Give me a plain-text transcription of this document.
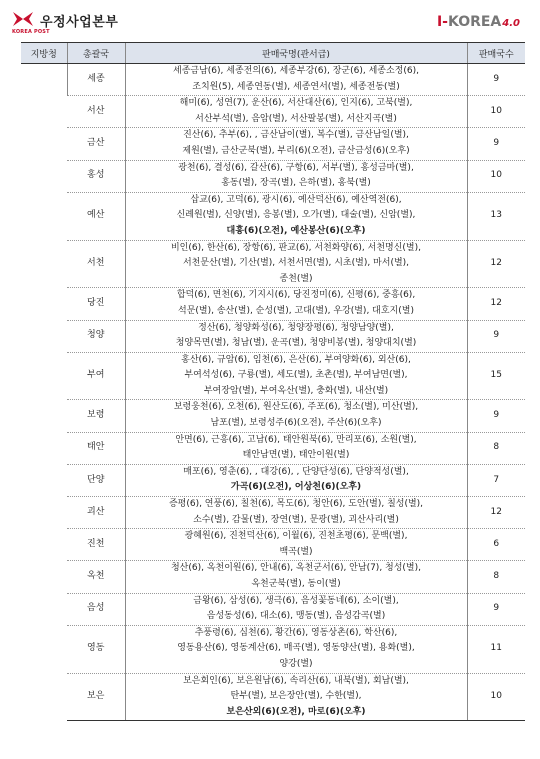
우정사업본부
KOREA POST
I-KOREA4.0
지방청	총괄국	판매국명(관서급)	판매국수
	세종	세종금남(6), 세종전의(6), 세종부강(6), 장군(6), 세종소정(6),
조치원(5), 세종연동(별), 세종연서(별), 세종전동(별)	9
	서산	해미(6), 성연(7), 운산(6), 서산대산(6), 인지(6), 고북(별),
서산부석(별), 음암(별), 서산팔봉(별), 서산지곡(별)	10
	금산	진산(6), 추부(6), , 금산남이(별), 복수(별), 금산남일(별),
제원(별), 금산군북(별), 부리(6)(오전), 금산금성(6)(오후)	9
	홍성	광천(6), 결성(6), 갈산(6), 구항(6), 서부(별), 홍성금마(별),
홍동(별), 장곡(별), 은하(별), 홍북(별)	10
	예산	삽교(6), 고덕(6), 광시(6), 예산덕산(6), 예산역전(6),
신례원(별), 신양(별), 응봉(별), 오가(별), 대술(별), 신암(별),
대흥(6)(오전), 예산봉산(6)(오후)	13
	서천	비인(6), 한산(6), 장항(6), 판교(6), 서천화양(6), 서천명신(별),
서천문산(별), 기산(별), 서천서면(별), 시초(별), 마서(별),
종천(별)	12
	당진	합덕(6), 면천(6), 기지시(6), 당진정미(6), 신평(6), 중흥(6),
석문(별), 송산(별), 순성(별), 고대(별), 우강(별), 대호지(별)	12
	청양	정산(6), 청양화성(6), 청양장평(6), 청양남양(별),
청양목면(별), 청남(별), 운곡(별), 청양비봉(별), 청양대치(별)	9
	부여	홍산(6), 규암(6), 임천(6), 은산(6), 부여양화(6), 외산(6),
부여석성(6), 구룡(별), 세도(별), 초촌(별), 부여남면(별),
부여장암(별), 부여옥산(별), 충화(별), 내산(별)	15
	보령	보령웅천(6), 오천(6), 원산도(6), 주포(6), 청소(별), 미산(별),
남포(별), 보령성주(6)(오전), 주산(6)(오후)	9
	태안	안면(6), 근흥(6), 고남(6), 태안원북(6), 만리포(6), 소원(별),
태안남면(별), 태안이원(별)	8
	단양	매포(6), 영춘(6), , 대강(6), , 단양단성(6), 단양적성(별),
가곡(6)(오전), 어상천(6)(오후)	7
	괴산	증평(6), 연풍(6), 칠천(6), 목도(6), 청안(6), 도안(별), 칠성(별),
소수(별), 감물(별), 장연(별), 문광(별), 괴산사리(별)	12
	진천	광혜원(6), 진천덕산(6), 이월(6), 진천초평(6), 문백(별),
백곡(별)	6
	옥천	청산(6), 옥천이원(6), 안내(6), 옥천군서(6), 안남(7), 청성(별),
옥천군북(별), 동이(별)	8
	음성	금왕(6), 삼성(6), 생극(6), 음성꽃동네(6), 소이(별),
음성동성(6), 대소(6), 맹동(별), 음성감곡(별)	9
	영동	추풍령(6), 심천(6), 황간(6), 영동상촌(6), 학산(6),
영동용산(6), 영동계산(6), 매곡(별), 영동양산(별), 용화(별),
양강(별)	11
	보은	보은회인(6), 보은원남(6), 속리산(6), 내북(별), 회남(별),
탄부(별), 보은장안(별), 수한(별),
보은산외(6)(오전), 마로(6)(오후)	10
